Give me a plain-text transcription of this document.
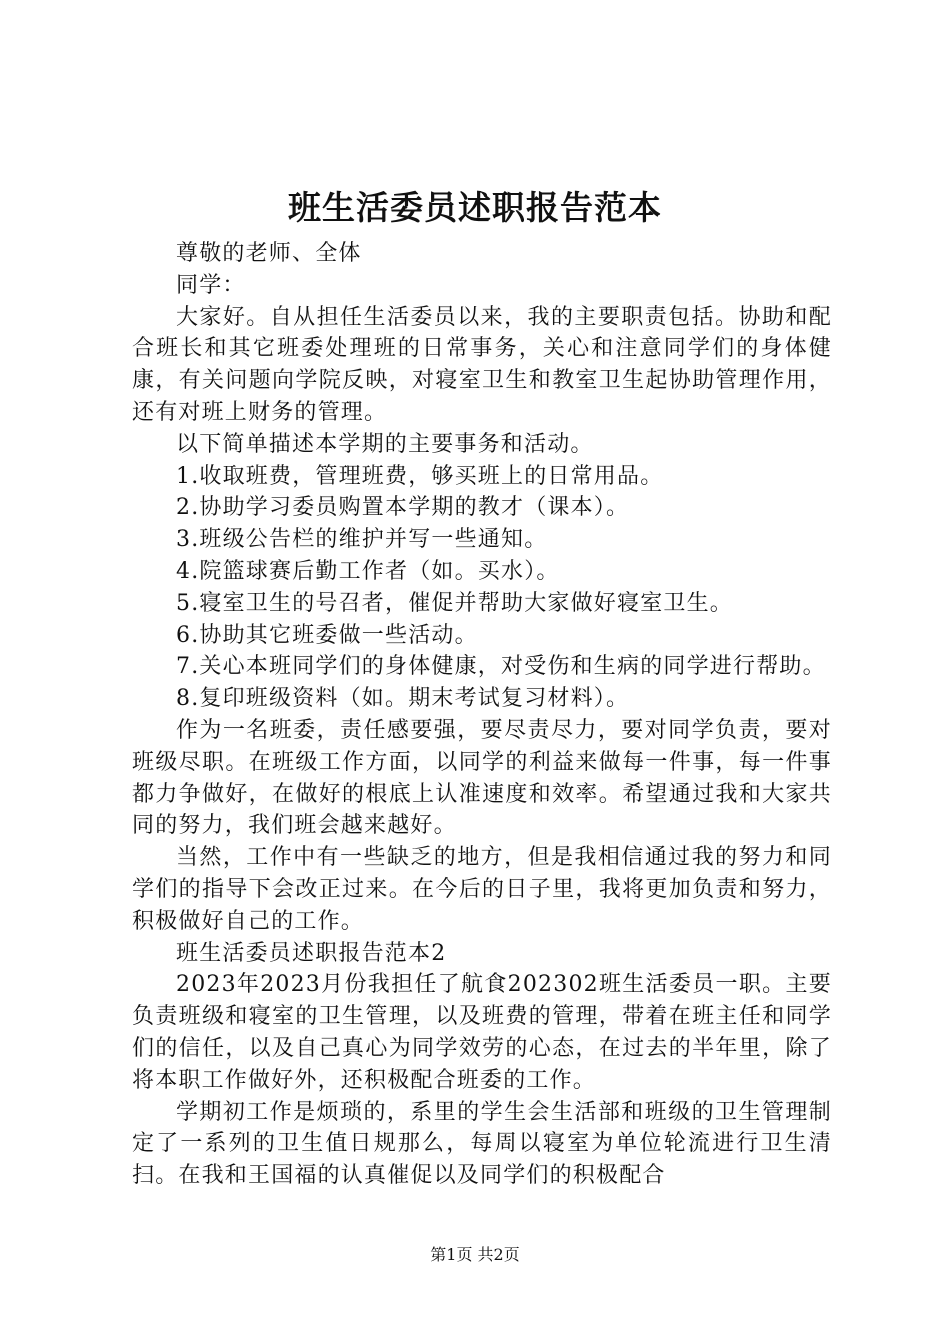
班生活委员述职报告范本

尊敬的老师、全体

同学：

大家好。自从担任生活委员以来，我的主要职责包括。协助和配合班长和其它班委处理班的日常事务，关心和注意同学们的身体健康，有关问题向学院反映，对寝室卫生和教室卫生起协助管理作用，还有对班上财务的管理。

以下简单描述本学期的主要事务和活动。

1.收取班费，管理班费，够买班上的日常用品。

2.协助学习委员购置本学期的教才（课本）。

3.班级公告栏的维护并写一些通知。

4.院篮球赛后勤工作者（如。买水）。

5.寝室卫生的号召者，催促并帮助大家做好寝室卫生。

6.协助其它班委做一些活动。

7.关心本班同学们的身体健康，对受伤和生病的同学进行帮助。

8.复印班级资料（如。期末考试复习材料）。

作为一名班委，责任感要强，要尽责尽力，要对同学负责，要对班级尽职。在班级工作方面，以同学的利益来做每一件事，每一件事都力争做好，在做好的根底上认准速度和效率。希望通过我和大家共同的努力，我们班会越来越好。

当然，工作中有一些缺乏的地方，但是我相信通过我的努力和同学们的指导下会改正过来。在今后的日子里，我将更加负责和努力，积极做好自己的工作。

班生活委员述职报告范本2

2023年2023月份我担任了航食202302班生活委员一职。主要负责班级和寝室的卫生管理，以及班费的管理，带着在班主任和同学们的信任，以及自己真心为同学效劳的心态，在过去的半年里，除了将本职工作做好外，还积极配合班委的工作。

学期初工作是烦琐的，系里的学生会生活部和班级的卫生管理制定了一系列的卫生值日规那么，每周以寝室为单位轮流进行卫生清扫。在我和王国福的认真催促以及同学们的积极配合

第1页 共2页
